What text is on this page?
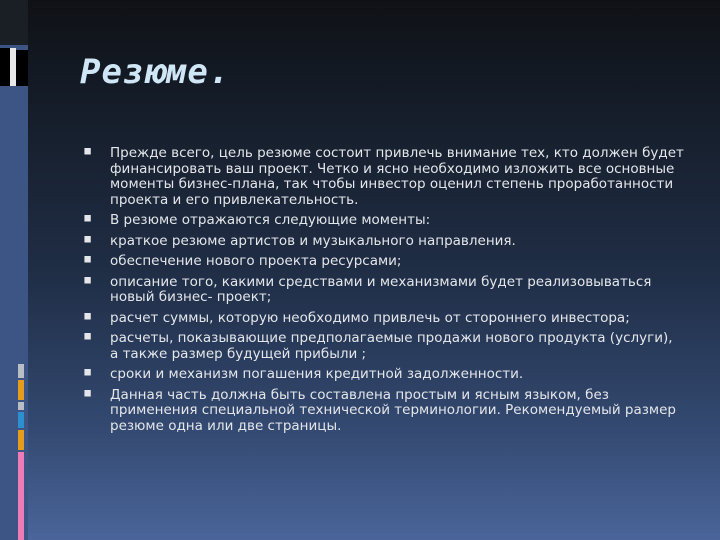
Резюме.
⯀ Прежде всего, цель резюме состоит привлечь внимание тех, кто должен будет финансировать ваш проект. Четко и ясно необходимо изложить все основные моменты бизнес-плана, так чтобы инвестор оценил степень проработанности проекта и его привлекательность.
⯀ В резюме отражаются следующие моменты:
⯀ краткое резюме артистов и музыкального направления.
⯀ обеспечение нового проекта ресурсами;
⯀ описание того, какими средствами и механизмами будет реализовываться новый бизнес- проект;
⯀ расчет суммы, которую необходимо привлечь от стороннего инвестора;
⯀ расчеты, показывающие предполагаемые продажи нового продукта (услуги), а также размер будущей прибыли ;
⯀ сроки и механизм погашения кредитной задолженности.
⯀ Данная часть должна быть составлена простым и ясным языком, без применения специальной технической терминологии. Рекомендуемый размер резюме одна или две страницы.
